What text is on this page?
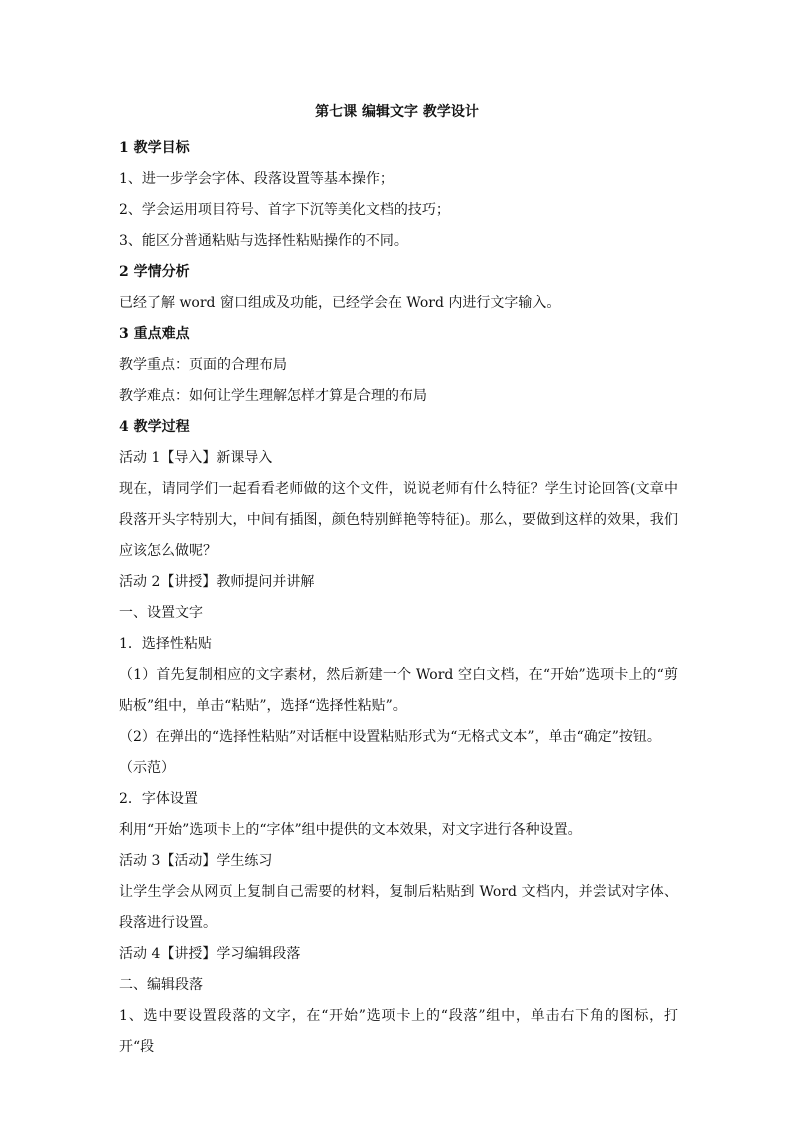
第七课 编辑文字 教学设计

1 教学目标

1、进一步学会字体、段落设置等基本操作；

2、学会运用项目符号、首字下沉等美化文档的技巧；

3、能区分普通粘贴与选择性粘贴操作的不同。

2 学情分析

已经了解 word 窗口组成及功能，已经学会在 Word 内进行文字输入。

3 重点难点

教学重点：页面的合理布局

教学难点：如何让学生理解怎样才算是合理的布局

4 教学过程

活动 1【导入】新课导入

现在，请同学们一起看看老师做的这个文件，说说老师有什么特征？学生讨论回答(文章中段落开头字特别大，中间有插图，颜色特别鲜艳等特征)。那么，要做到这样的效果，我们应该怎么做呢？

活动 2【讲授】教师提问并讲解

一、设置文字

1．选择性粘贴

（1）首先复制相应的文字素材，然后新建一个 Word 空白文档，在“开始”选项卡上的“剪贴板”组中，单击“粘贴”，选择“选择性粘贴”。

（2）在弹出的“选择性粘贴”对话框中设置粘贴形式为“无格式文本”，单击“确定”按钮。

（示范）

2．字体设置

利用“开始”选项卡上的“字体”组中提供的文本效果，对文字进行各种设置。

活动 3【活动】学生练习

让学生学会从网页上复制自己需要的材料，复制后粘贴到 Word 文档内，并尝试对字体、段落进行设置。

活动 4【讲授】学习编辑段落

二、编辑段落

1、选中要设置段落的文字，在“开始”选项卡上的“段落”组中，单击右下角的图标，打开“段
